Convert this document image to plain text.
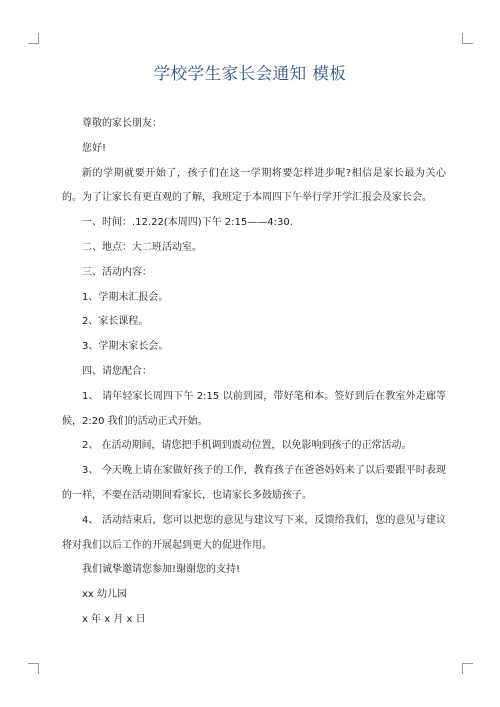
学校学生家长会通知 模板

尊敬的家长朋友：

您好!

新的学期就要开始了，孩子们在这一学期将要怎样进步呢?相信是家长最为关心的。为了让家长有更直观的了解，我班定于本周四下午举行学开学汇报会及家长会。

一、时间：.12.22(本周四)下午 2:15——4:30.

二、地点：大二班活动室。

三、活动内容：

1、学期末汇报会。

2、家长课程。

3、学期末家长会。

四、请您配合：

1、 请年轻家长周四下午 2:15 以前到园，带好笔和本。签好到后在教室外走廊等候，2:20 我们的活动正式开始。

2、 在活动期间，请您把手机调到震动位置，以免影响到孩子的正常活动。

3、 今天晚上请在家做好孩子的工作，教育孩子在爸爸妈妈来了以后要跟平时表现的一样，不要在活动期间看家长，也请家长多鼓励孩子。

4、 活动结束后，您可以把您的意见与建议写下来，反馈给我们，您的意见与建议将对我们以后工作的开展起到更大的促进作用。

我们诚挚邀请您参加!谢谢您的支持!

xx 幼儿园

x 年 x 月 x 日
